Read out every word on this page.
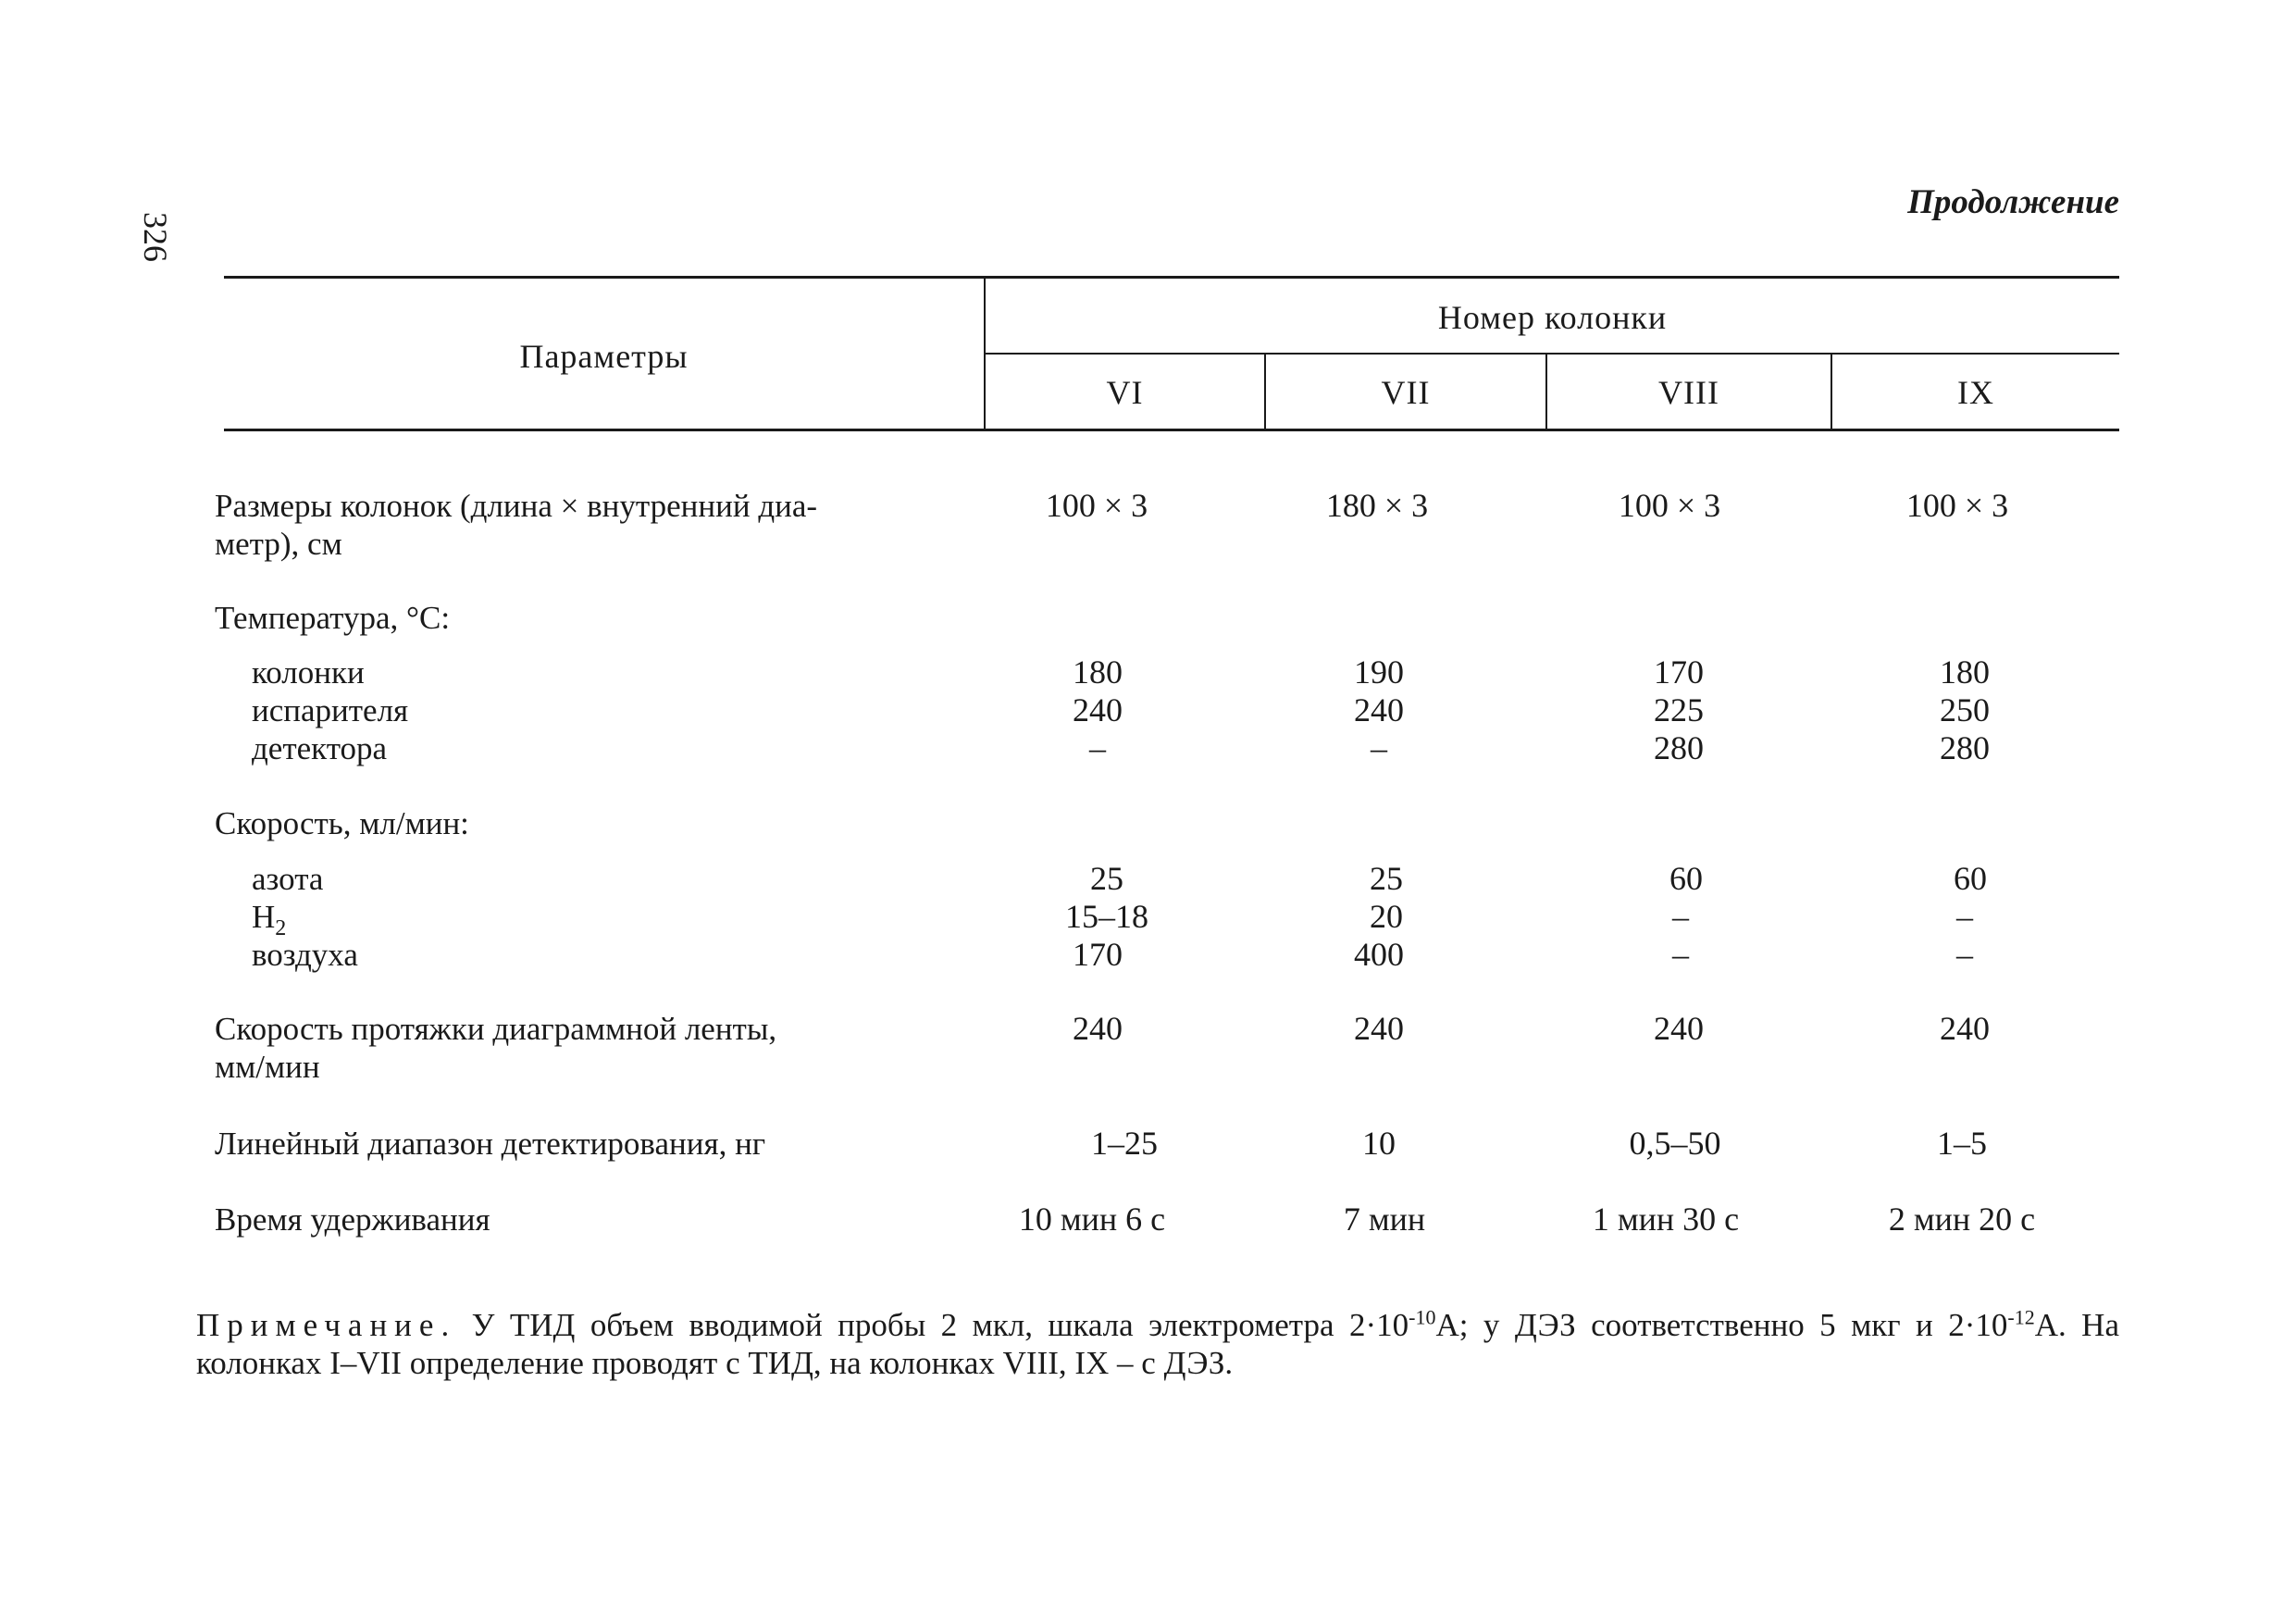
326
Продолжение
Параметры
Номер колонки
VI	VII	VIII	IX
Размеры колонок (длина × внутренний диа-
метр), см
100 × 3	180 × 3	100 × 3	100 × 3
Температура, °С:
колонки	180	190	170	180
испарителя	240	240	225	250
детектора	–	–	280	280
Скорость, мл/мин:
азота	25	25	60	60
$H_2$	15–18	20	–	–
воздуха	170	400	–	–
Скорость протяжки диаграммной ленты,
мм/мин
240	240	240	240
Линейный диапазон детектирования, нг	1–25	10	0,5–50	1–5
Время удерживания	10 мин 6 с	7 мин	1 мин 30 с	2 мин 20 с
Примечание. У ТИД объем вводимой пробы 2 мкл, шкала электрометра $2\cdot 10^{-10}А$; у ДЭЗ соответственно 5 мкг и $2\cdot 10^{-12}А$. На колонках I–VII определение проводят с ТИД, на колонках VIII, IX – с ДЭЗ.
